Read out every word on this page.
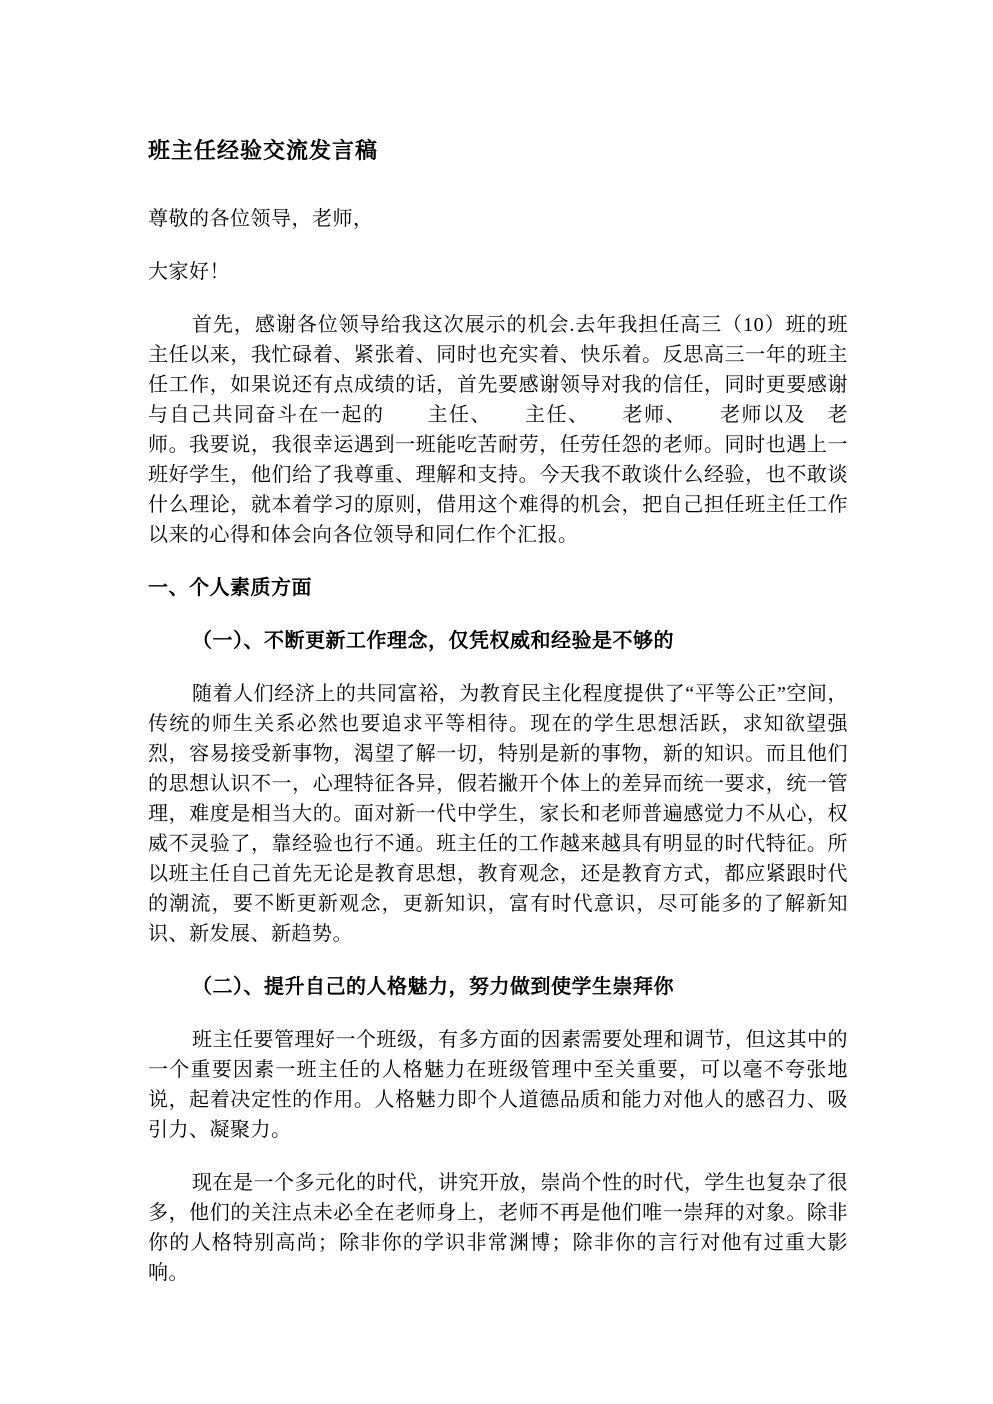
班主任经验交流发言稿

尊敬的各位领导，老师，

大家好！

首先，感谢各位领导给我这次展示的机会.去年我担任高三（10）班的班主任以来，我忙碌着、紧张着、同时也充实着、快乐着。反思高三一年的班主任工作，如果说还有点成绩的话，首先要感谢领导对我的信任，同时更要感谢与自己共同奋斗在一起的　　主任、　　主任、　　老师、　　老师以及　老师。我要说，我很幸运遇到一班能吃苦耐劳，任劳任怨的老师。同时也遇上一班好学生，他们给了我尊重、理解和支持。今天我不敢谈什么经验，也不敢谈什么理论，就本着学习的原则，借用这个难得的机会，把自己担任班主任工作以来的心得和体会向各位领导和同仁作个汇报。

一、个人素质方面
（一）、不断更新工作理念，仅凭权威和经验是不够的

随着人们经济上的共同富裕，为教育民主化程度提供了“平等公正”空间，传统的师生关系必然也要追求平等相待。现在的学生思想活跃，求知欲望强烈，容易接受新事物，渴望了解一切，特别是新的事物，新的知识。而且他们的思想认识不一，心理特征各异，假若撇开个体上的差异而统一要求，统一管理，难度是相当大的。面对新一代中学生，家长和老师普遍感觉力不从心，权威不灵验了，靠经验也行不通。班主任的工作越来越具有明显的时代特征。所以班主任自己首先无论是教育思想，教育观念，还是教育方式，都应紧跟时代的潮流，要不断更新观念，更新知识，富有时代意识，尽可能多的了解新知识、新发展、新趋势。

（二）、提升自己的人格魅力，努力做到使学生崇拜你

班主任要管理好一个班级，有多方面的因素需要处理和调节，但这其中的一个重要因素一班主任的人格魅力在班级管理中至关重要，可以毫不夸张地说，起着决定性的作用。人格魅力即个人道德品质和能力对他人的感召力、吸引力、凝聚力。

现在是一个多元化的时代，讲究开放，崇尚个性的时代，学生也复杂了很多，他们的关注点未必全在老师身上，老师不再是他们唯一崇拜的对象。除非你的人格特别高尚；除非你的学识非常渊博；除非你的言行对他有过重大影响。
